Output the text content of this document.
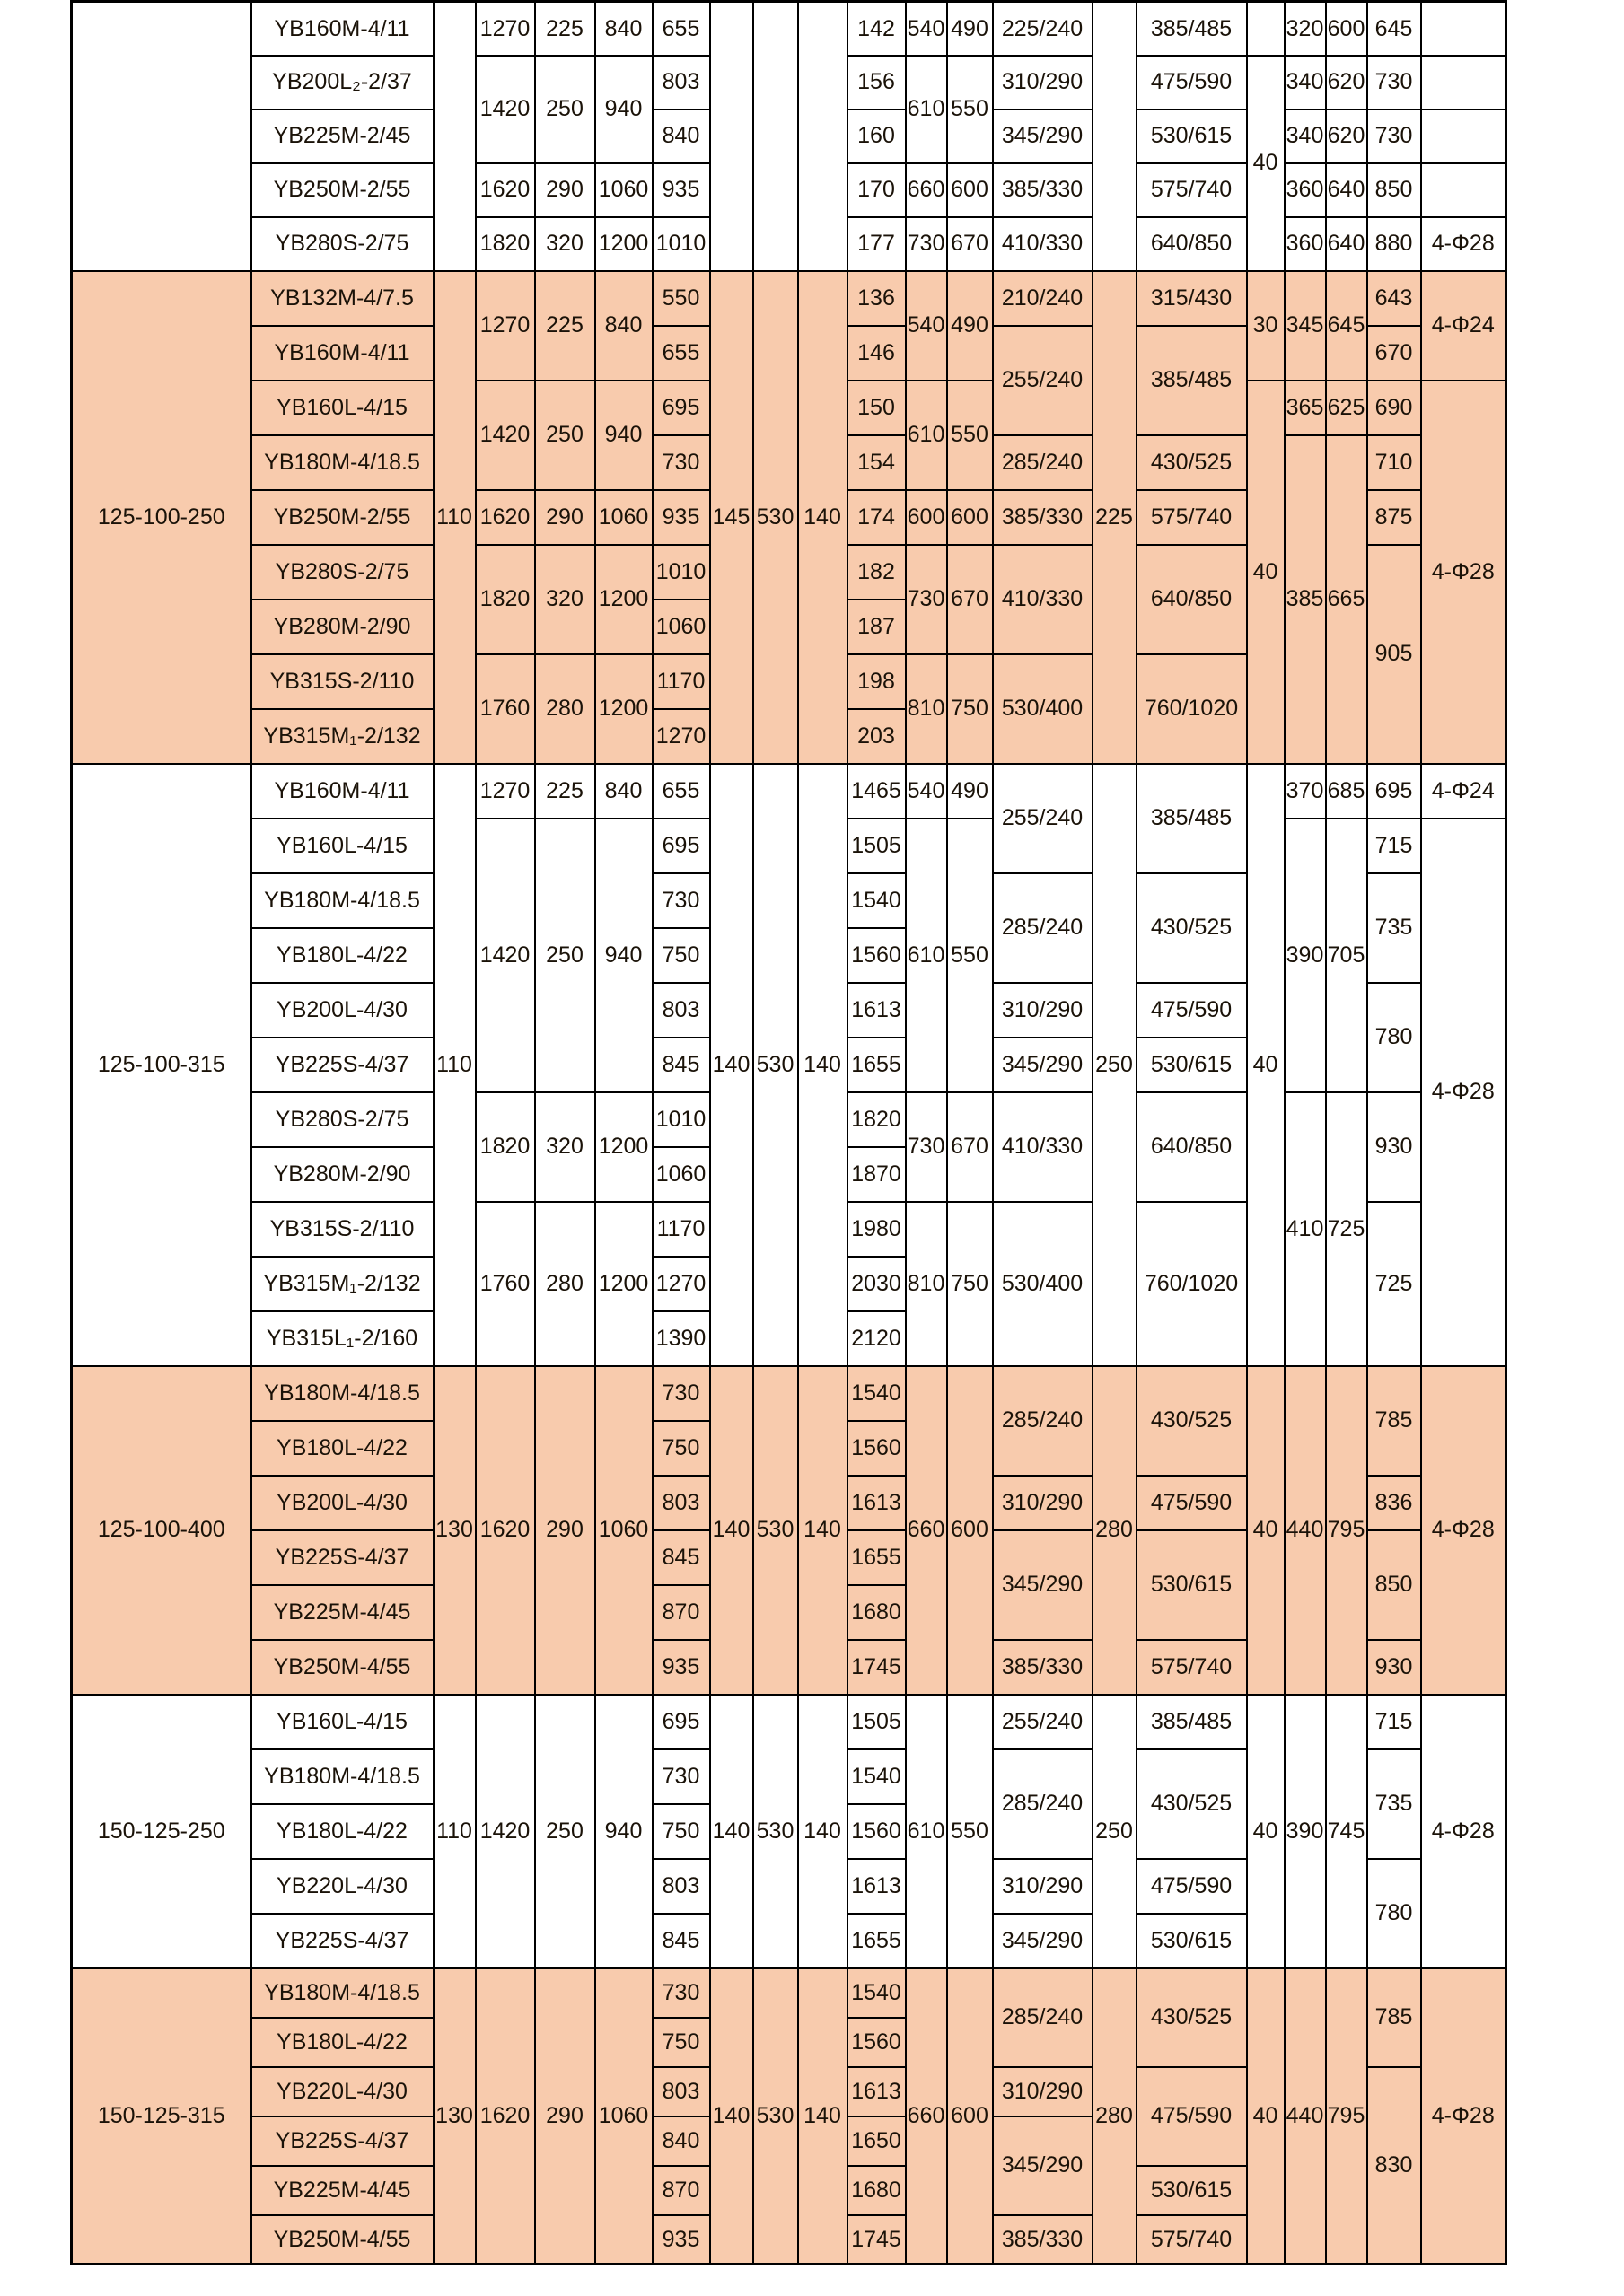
	YB160M-4/11		1270	225	840	655				142	540	490	225/240		385/485		320	600	645	
	YB200L₂-2/37		1420	250	940	803				156	610	550	310/290		475/590	40	340	620	730	
	YB225M-2/45					840				160			345/290		530/615		340	620	730	
	YB250M-2/55		1620	290	1060	935				170	660	600	385/330		575/740		360	640	850	
	YB280S-2/75		1820	320	1200	1010				177	730	670	410/330		640/850		360	640	880	4-Φ28
125-100-250	YB132M-4/7.5	110	1270	225	840	550	145	530	140	136	540	490	210/240	225	315/430	30	345	645	643	4-Φ24
	YB160M-4/11					655				146			255/240		385/485				670	
	YB160L-4/15		1420	250	940	695				150	610	550				40	365	625	690	4-Φ28
	YB180M-4/18.5					730				154			285/240		430/525		385	665	710	
	YB250M-2/55		1620	290	1060	935				174	600	600	385/330		575/740				875	
	YB280S-2/75		1820	320	1200	1010				182	730	670	410/330		640/850				905	
	YB280M-2/90					1060				187										
	YB315S-2/110		1760	280	1200	1170				198	810	750	530/400		760/1020					
	YB315M₁-2/132					1270				203										
125-100-315	YB160M-4/11	110	1270	225	840	655	140	530	140	1465	540	490	255/240	250	385/485	40	370	685	695	4-Φ24
	YB160L-4/15		1420	250	940	695				1505	610	550					390	705	715	4-Φ28
	YB180M-4/18.5					730				1540			285/240		430/525				735	
	YB180L-4/22					750				1560										
	YB200L-4/30					803				1613			310/290		475/590				780	
	YB225S-4/37					845				1655			345/290		530/615					
	YB280S-2/75		1820	320	1200	1010				1820	730	670	410/330		640/850		410	725	930	
	YB280M-2/90					1060				1870										
	YB315S-2/110		1760	280	1200	1170				1980	810	750	530/400		760/1020				725	
	YB315M₁-2/132					1270				2030										
	YB315L₁-2/160					1390				2120										
125-100-400	YB180M-4/18.5	130	1620	290	1060	730	140	530	140	1540	660	600	285/240	280	430/525	40	440	795	785	4-Φ28
	YB180L-4/22					750				1560										
	YB200L-4/30					803				1613			310/290		475/590				836	
	YB225S-4/37					845				1655			345/290		530/615				850	
	YB225M-4/45					870				1680										
	YB250M-4/55					935				1745			385/330		575/740				930	
150-125-250	YB160L-4/15	110	1420	250	940	695	140	530	140	1505	610	550	255/240	250	385/485	40	390	745	715	4-Φ28
	YB180M-4/18.5					730				1540			285/240		430/525				735	
	YB180L-4/22					750				1560										
	YB220L-4/30					803				1613			310/290		475/590				780	
	YB225S-4/37					845				1655			345/290		530/615					
150-125-315	YB180M-4/18.5	130	1620	290	1060	730	140	530	140	1540	660	600	285/240	280	430/525	40	440	795	785	4-Φ28
	YB180L-4/22					750				1560										
	YB220L-4/30					803				1613			310/290		475/590				830	
	YB225S-4/37					840				1650			345/290							
	YB225M-4/45					870				1680					530/615					
	YB250M-4/55					935				1745			385/330		575/740					
